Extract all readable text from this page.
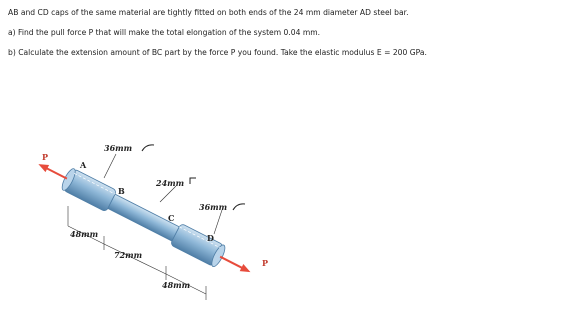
AB and CD caps of the same material are tightly fitted on both ends of the 24 mm diameter AD steel bar.

a) Find the pull force P that will make the total elongation of the system 0.04 mm.

b) Calculate the extension amount of BC part by the force P you found. Take the elastic modulus E = 200 GPa.

P
P
A
B
C
D
36mm
24mm
36mm
48mm
72mm
48mm
